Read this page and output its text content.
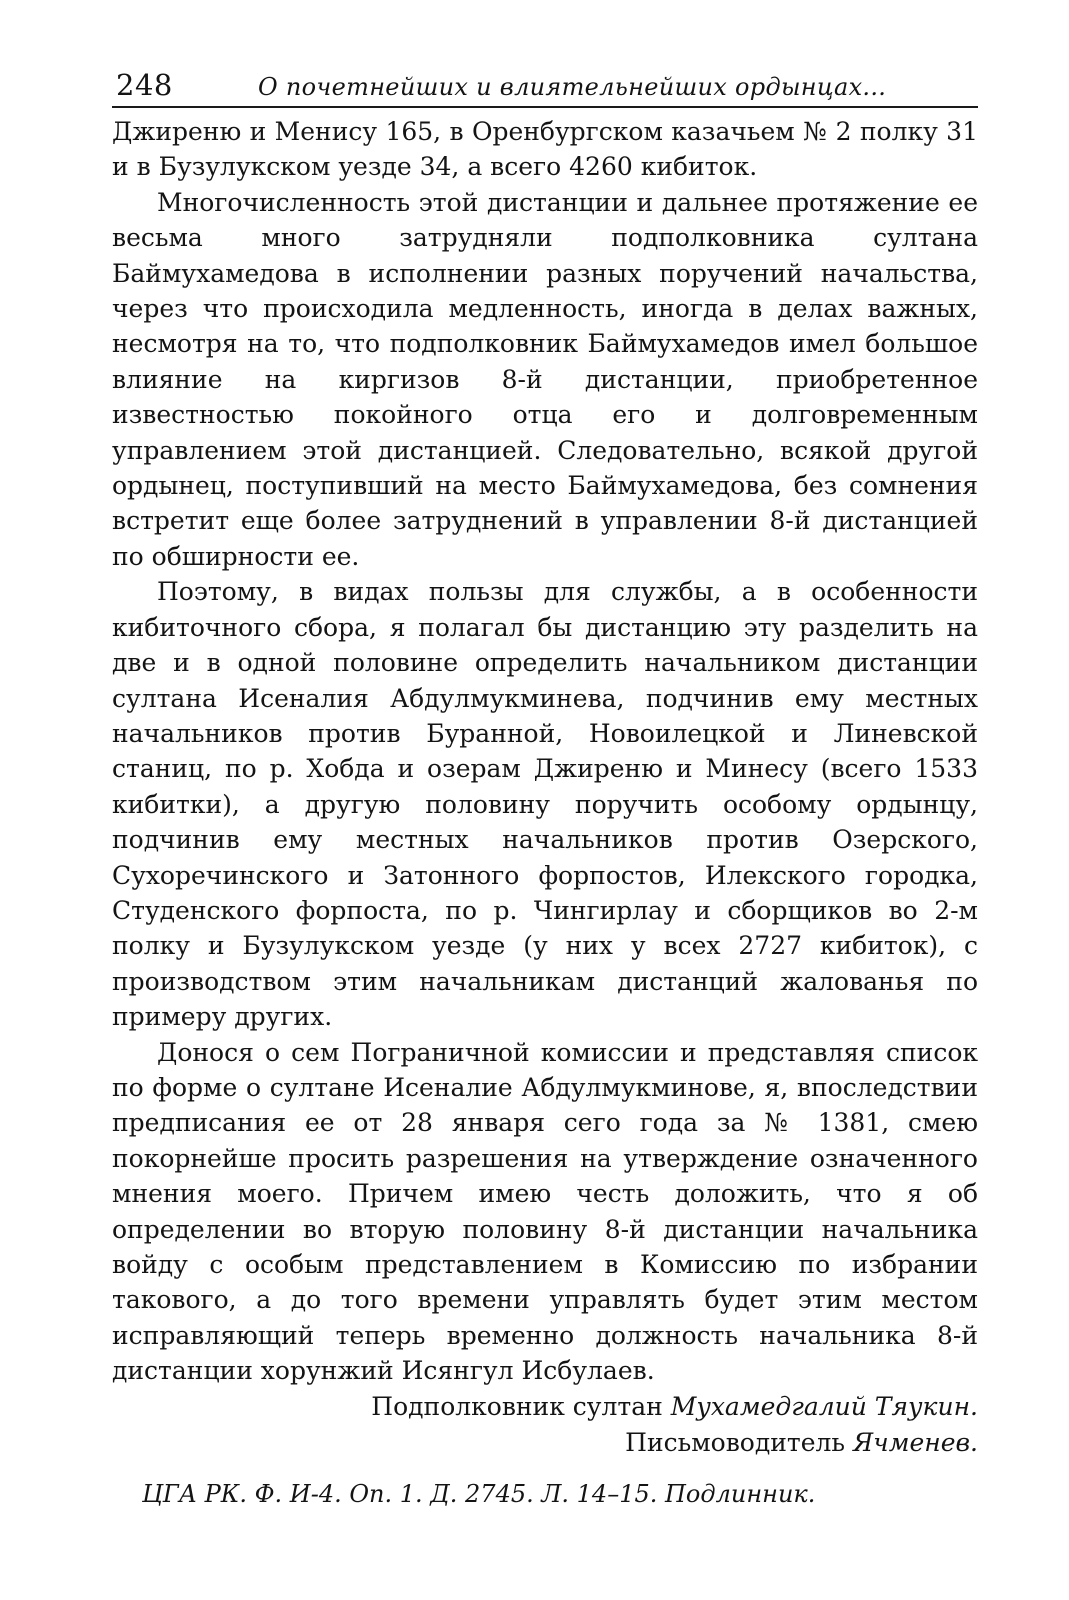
248	О почетнейших и влиятельнейших ордынцах...

Джиреню и Менису 165, в Оренбургском казачьем № 2 полку 31 и в Бузулукском уезде 34, а всего 4260 кибиток.

Многочисленность этой дистанции и дальнее протяжение ее весьма много затрудняли подполковника султана Баймухамедова в исполнении разных поручений начальства, через что происходила медленность, иногда в делах важных, несмотря на то, что подполковник Баймухамедов имел большое влияние на киргизов 8-й дистанции, приобретенное известностью покойного отца его и долговременным управлением этой дистанцией. Следовательно, всякой другой ордынец, поступивший на место Баймухамедова, без сомнения встретит еще более затруднений в управлении 8-й дистанцией по обширности ее.

Поэтому, в видах пользы для службы, а в особенности кибиточного сбора, я полагал бы дистанцию эту разделить на две и в одной половине определить начальником дистанции султана Исеналия Абдулмукминева, подчинив ему местных начальников против Буранной, Новоилецкой и Линевской станиц, по р. Хобда и озерам Джиреню и Минесу (всего 1533 кибитки), а другую половину поручить особому ордынцу, подчинив ему местных начальников против Озерского, Сухоречинского и Затонного форпостов, Илекского городка, Студенского форпоста, по р. Чингирлау и сборщиков во 2-м полку и Бузулукском уезде (у них у всех 2727 кибиток), с производством этим начальникам дистанций жалованья по примеру других.

Донося о сем Пограничной комиссии и представляя список по форме о султане Исеналие Абдулмукминове, я, впоследствии предписания ее от 28 января сего года за № 1381, смею покорнейше просить разрешения на утверждение означенного мнения моего. Причем имею честь доложить, что я об определении во вторую половину 8-й дистанции начальника войду с особым представлением в Комиссию по избрании такового, а до того времени управлять будет этим местом исправляющий теперь временно должность начальника 8-й дистанции хорунжий Исянгул Исбулаев.

Подполковник султан Мухамедгалий Тяукин.
Письмоводитель Ячменев.
ЦГА РК. Ф. И-4. Оп. 1. Д. 2745. Л. 14–15. Подлинник.
